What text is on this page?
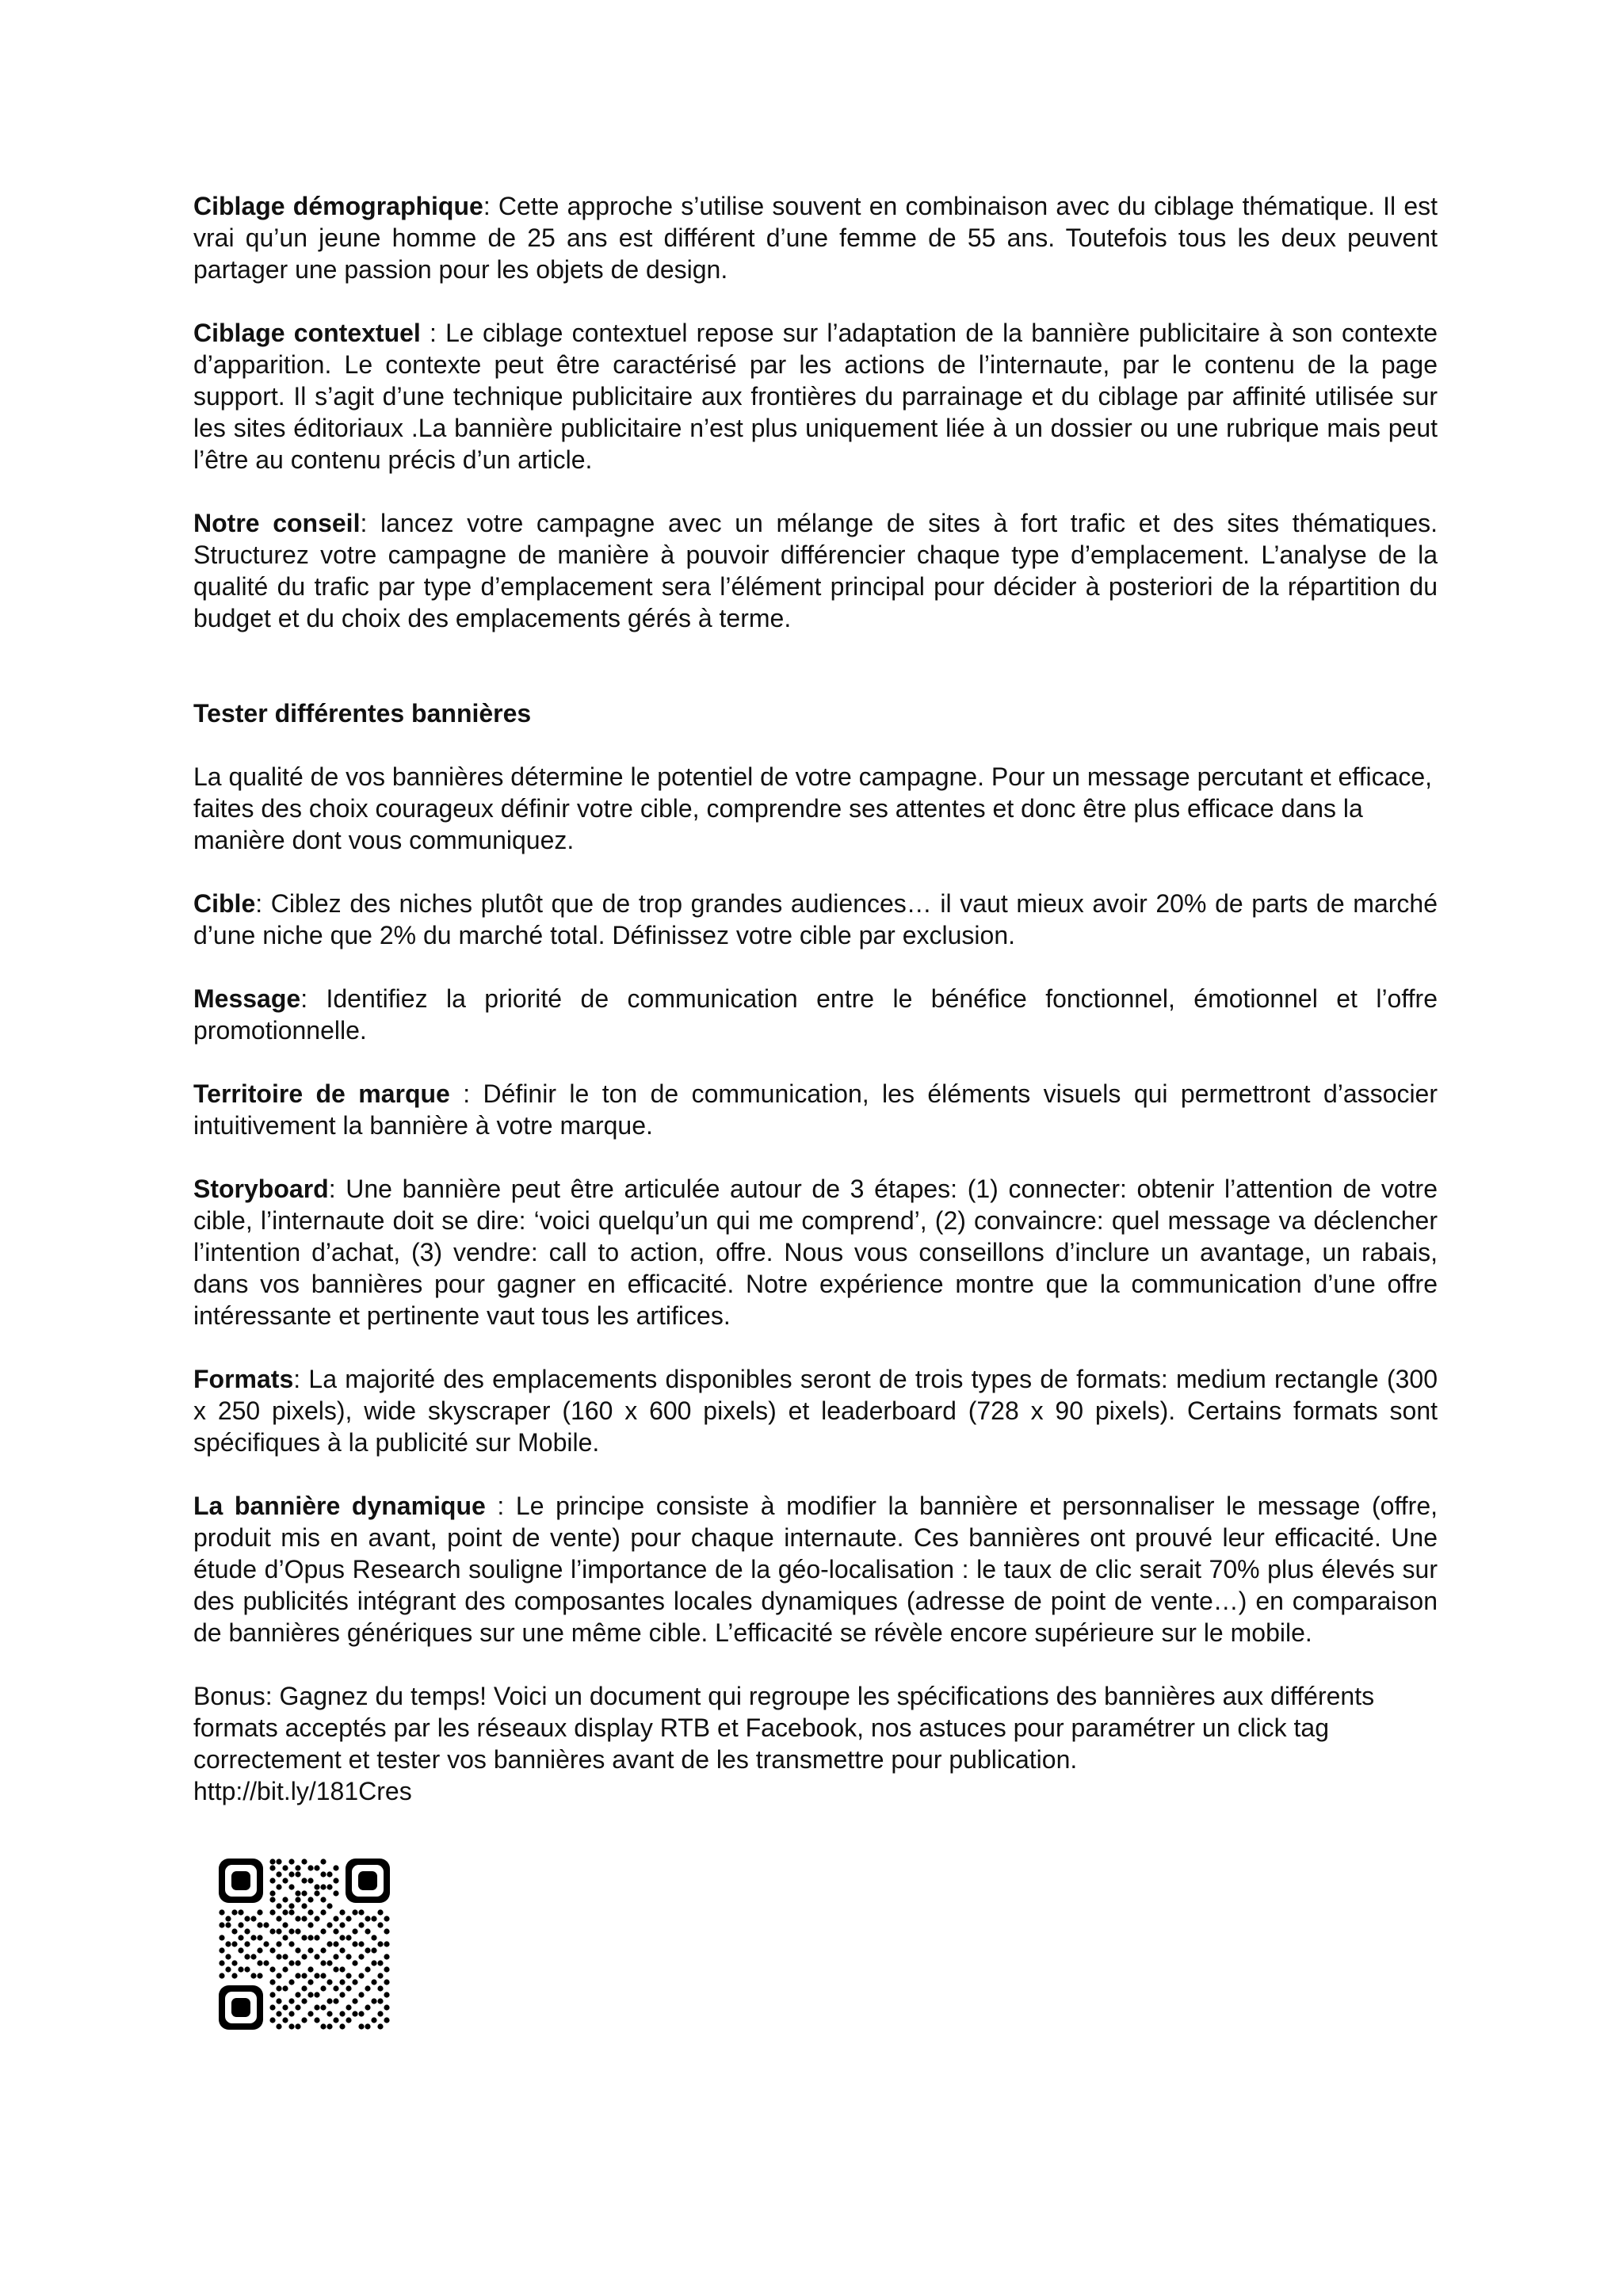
Ciblage démographique: Cette approche s’utilise souvent en combinaison avec du ciblage thématique. Il est vrai qu’un jeune homme de 25 ans est différent d’une femme de 55 ans. Toutefois tous les deux peuvent partager une passion pour les objets de design.

Ciblage contextuel : Le ciblage contextuel repose sur l’adaptation de la bannière publicitaire à son contexte d’apparition. Le contexte peut être caractérisé par les actions de l’internaute, par le contenu de la page support. Il s’agit d’une technique publicitaire aux frontières du parrainage et du ciblage par affinité utilisée sur les sites éditoriaux .La bannière publicitaire n’est plus uniquement liée à un dossier ou une rubrique mais peut l’être au contenu précis d’un article.

Notre conseil: lancez votre campagne avec un mélange de sites à fort trafic et des sites thématiques. Structurez votre campagne de manière à pouvoir différencier chaque type d’emplacement. L’analyse de la qualité du trafic par type d’emplacement sera l’élément principal pour décider à posteriori de la répartition du budget et du choix des emplacements gérés à terme.

Tester différentes bannières

La qualité de vos bannières détermine le potentiel de votre campagne. Pour un message percutant et efficace, faites des choix courageux définir votre cible, comprendre ses attentes et donc être plus efficace dans la manière dont vous communiquez.

Cible: Ciblez des niches plutôt que de trop grandes audiences… il vaut mieux avoir 20% de parts de marché d’une niche que 2% du marché total. Définissez votre cible par exclusion.

Message: Identifiez la priorité de communication entre le bénéfice fonctionnel, émotionnel et l’offre promotionnelle.

Territoire de marque : Définir le ton de communication, les éléments visuels qui permettront d’associer intuitivement la bannière à votre marque.

Storyboard: Une bannière peut être articulée autour de 3 étapes: (1) connecter: obtenir l’attention de votre cible, l’internaute doit se dire: ‘voici quelqu’un qui me comprend’, (2) convaincre: quel message va déclencher l’intention d’achat, (3) vendre: call to action, offre. Nous vous conseillons d’inclure un avantage, un rabais, dans vos bannières pour gagner en efficacité. Notre expérience montre que la communication d’une offre intéressante et pertinente vaut tous les artifices.

Formats: La majorité des emplacements disponibles seront de trois types de formats: medium rectangle (300 x 250 pixels), wide skyscraper (160 x 600 pixels) et leaderboard (728 x 90 pixels). Certains formats sont spécifiques à la publicité sur Mobile.

La bannière dynamique : Le principe consiste à modifier la bannière et personnaliser le message (offre, produit mis en avant, point de vente) pour chaque internaute. Ces bannières ont prouvé leur efficacité. Une étude d’Opus Research souligne l’importance de la géo-localisation : le taux de clic serait 70% plus élevés sur des publicités intégrant des composantes locales dynamiques (adresse de point de vente…) en comparaison de bannières génériques sur une même cible. L’efficacité se révèle encore supérieure sur le mobile.

Bonus: Gagnez du temps! Voici un document qui regroupe les spécifications des bannières aux différents formats acceptés par les réseaux display RTB et Facebook, nos astuces pour paramétrer un click tag correctement et tester vos bannières avant de les transmettre pour publication.

http://bit.ly/181Cres
